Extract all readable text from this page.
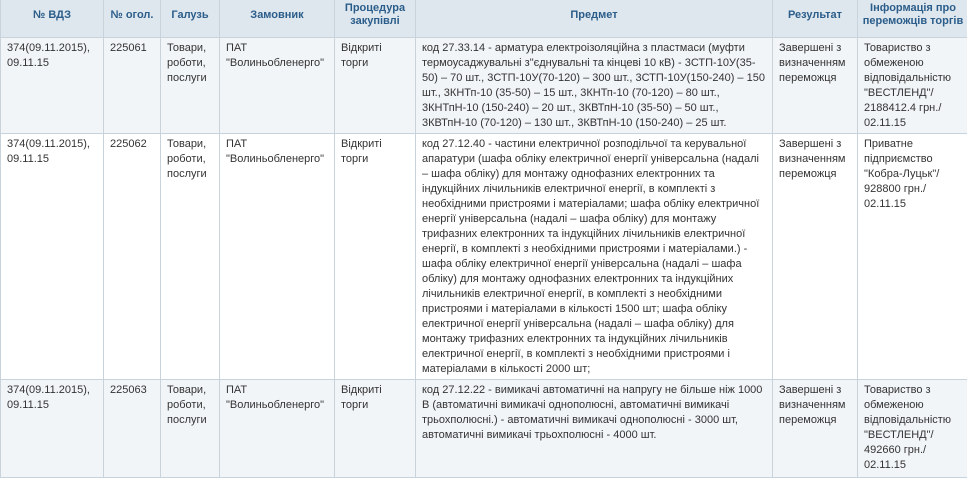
№ ВДЗ	№ огол.	Галузь	Замовник	Процедура закупівлі	Предмет	Результат	Інформація про переможців торгів
374(09.11.2015), 09.11.15	225061	Товари, роботи, послуги	ПАТ "Волиньобленерго"	Відкриті торги	код 27.33.14 - арматура електроізоляційна з пластмаси (муфти термоусаджувальні з"єднувальні та кінцеві 10 кВ) - 3СТП-10У(35-50) – 70 шт., 3СТП-10У(70-120) – 300 шт., 3СТП-10У(150-240) – 150 шт., 3КНТп-10 (35-50) – 15 шт., 3КНТп-10 (70-120) – 80 шт., 3КНТпН-10 (150-240) – 20 шт., 3КВТпН-10 (35-50) – 50 шт., 3КВТпН-10 (70-120) – 130 шт., 3КВТпН-10 (150-240) – 25 шт.	Завершені з визначенням переможця	Товариство з обмеженою відповідальністю "ВЕСТЛЕНД"/ 2188412.4 грн./ 02.11.15
374(09.11.2015), 09.11.15	225062	Товари, роботи, послуги	ПАТ "Волиньобленерго"	Відкриті торги	код 27.12.40 - частини електричної розподільчої та керувальної апаратури (шафа обліку електричної енергії універсальна (надалі – шафа обліку) для монтажу однофазних електронних та індукційних лічильників електричної енергії, в комплекті з необхідними пристроями і матеріалами; шафа обліку електричної енергії універсальна (надалі – шафа обліку) для монтажу трифазних електронних та індукційних лічильників електричної енергії, в комплекті з необхідними пристроями і матеріалами.) - шафа обліку електричної енергії універсальна (надалі – шафа обліку) для монтажу однофазних електронних та індукційних лічильників електричної енергії, в комплекті з необхідними пристроями і матеріалами в кількості 1500 шт; шафа обліку електричної енергії універсальна (надалі – шафа обліку) для монтажу трифазних електронних та індукційних лічильників електричної енергії, в комплекті з необхідними пристроями і матеріалами в кількості 2000 шт;	Завершені з визначенням переможця	Приватне підприємство "Кобра-Луцьк"/ 928800 грн./ 02.11.15
374(09.11.2015), 09.11.15	225063	Товари, роботи, послуги	ПАТ "Волиньобленерго"	Відкриті торги	код 27.12.22 - вимикачі автоматичні на напругу не більше ніж 1000 В (автоматичні вимикачі однополюсні, автоматичні вимикачі трьохполюсні.) - автоматичні вимикачі однополюсні - 3000 шт, автоматичні вимикачі трьохполюсні - 4000 шт.	Завершені з визначенням переможця	Товариство з обмеженою відповідальністю "ВЕСТЛЕНД"/ 492660 грн./ 02.11.15
